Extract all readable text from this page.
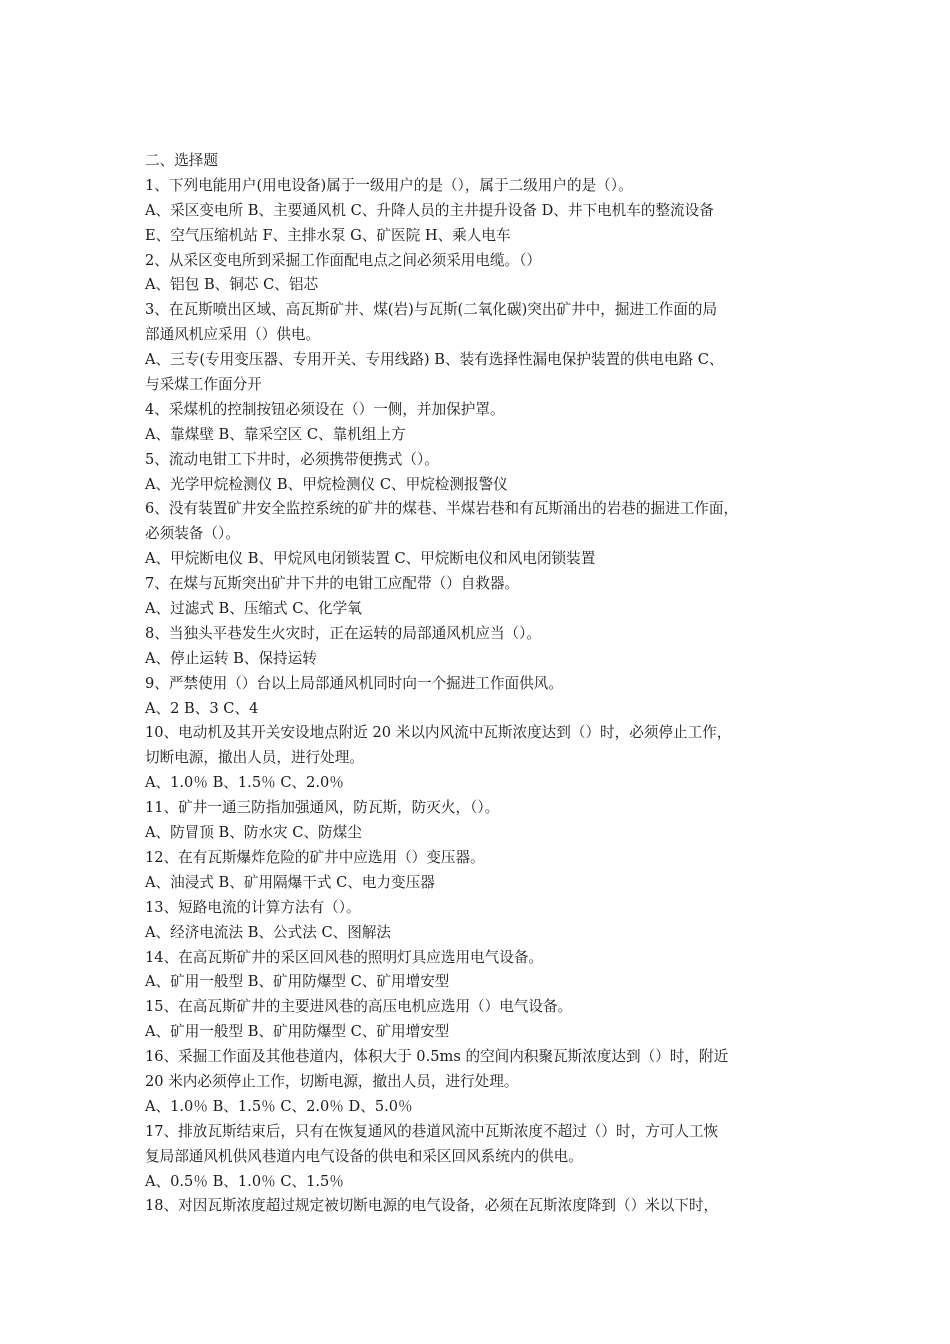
二、选择题
1、下列电能用户(用电设备)属于一级用户的是（），属于二级用户的是（）。
A、采区变电所 B、主要通风机 C、升降人员的主井提升设备 D、井下电机车的整流设备
E、空气压缩机站 F、主排水泵 G、矿医院 H、乘人电车
2、从采区变电所到采掘工作面配电点之间必须采用电缆。（）
A、铝包 B、铜芯 C、铝芯
3、在瓦斯喷出区域、高瓦斯矿井、煤(岩)与瓦斯(二氧化碳)突出矿井中，掘进工作面的局
部通风机应采用（）供电。
A、三专(专用变压器、专用开关、专用线路) B、装有选择性漏电保护装置的供电电路 C、
与采煤工作面分开
4、采煤机的控制按钮必须设在（）一侧，并加保护罩。
A、靠煤壁 B、靠采空区 C、靠机组上方
5、流动电钳工下井时，必须携带便携式（）。
A、光学甲烷检测仪 B、甲烷检测仪 C、甲烷检测报警仪
6、没有装置矿井安全监控系统的矿井的煤巷、半煤岩巷和有瓦斯涌出的岩巷的掘进工作面，
必须装备（）。
A、甲烷断电仪 B、甲烷风电闭锁装置 C、甲烷断电仪和风电闭锁装置
7、在煤与瓦斯突出矿井下井的电钳工应配带（）自救器。
A、过滤式 B、压缩式 C、化学氧
8、当独头平巷发生火灾时，正在运转的局部通风机应当（）。
A、停止运转 B、保持运转
9、严禁使用（）台以上局部通风机同时向一个掘进工作面供风。
A、2 B、3 C、4
10、电动机及其开关安设地点附近 20 米以内风流中瓦斯浓度达到（）时，必须停止工作，
切断电源，撤出人员，进行处理。
A、1.0％ B、1.5％ C、2.0％
11、矿井一通三防指加强通风，防瓦斯，防灭火，（）。
A、防冒顶 B、防水灾 C、防煤尘
12、在有瓦斯爆炸危险的矿井中应选用（）变压器。
A、油浸式 B、矿用隔爆干式 C、电力变压器
13、短路电流的计算方法有（）。
A、经济电流法 B、公式法 C、图解法
14、在高瓦斯矿井的采区回风巷的照明灯具应选用电气设备。
A、矿用一般型 B、矿用防爆型 C、矿用增安型
15、在高瓦斯矿井的主要进风巷的高压电机应选用（）电气设备。
A、矿用一般型 B、矿用防爆型 C、矿用增安型
16、采掘工作面及其他巷道内，体积大于 0.5ms 的空间内积聚瓦斯浓度达到（）时，附近
20 米内必须停止工作，切断电源，撤出人员，进行处理。
A、1.0％ B、1.5％ C、2.0％ D、5.0％
17、排放瓦斯结束后，只有在恢复通风的巷道风流中瓦斯浓度不超过（）时，方可人工恢
复局部通风机供风巷道内电气设备的供电和采区回风系统内的供电。
A、0.5％ B、1.0％ C、1.5％
18、对因瓦斯浓度超过规定被切断电源的电气设备，必须在瓦斯浓度降到（）米以下时，
